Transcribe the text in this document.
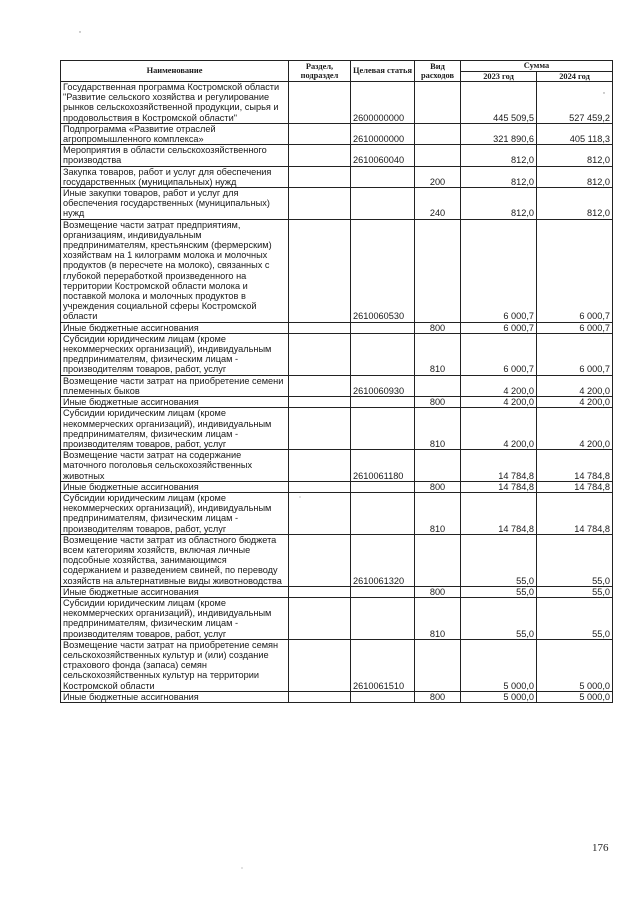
Наименование	Раздел, подраздел	Целевая статья	Вид расходов	Сумма	
				2023 год	2024 год
Государственная программа Костромской области "Развитие сельского хозяйства и регулирование рынков сельскохозяйственной продукции, сырья и продовольствия в Костромской области"		2600000000		445 509,5	527 459,2
Подпрограмма «Развитие отраслей агропромышленного комплекса»		2610000000		321 890,6	405 118,3
Мероприятия в области сельскохозяйственного производства		2610060040		812,0	812,0
Закупка товаров, работ и услуг для обеспечения государственных (муниципальных) нужд			200	812,0	812,0
Иные закупки товаров, работ и услуг для обеспечения государственных (муниципальных) нужд			240	812,0	812,0
Возмещение части затрат предприятиям, организациям, индивидуальным предпринимателям, крестьянским (фермерским) хозяйствам на 1 килограмм молока и молочных продуктов (в пересчете на молоко), связанных с глубокой переработкой произведенного на территории Костромской области молока и поставкой молока и молочных продуктов в учреждения социальной сферы Костромской области		2610060530		6 000,7	6 000,7
Иные бюджетные ассигнования			800	6 000,7	6 000,7
Субсидии юридическим лицам (кроме некоммерческих организаций), индивидуальным предпринимателям, физическим лицам - производителям товаров, работ, услуг			810	6 000,7	6 000,7
Возмещение части затрат на приобретение семени племенных быков		2610060930		4 200,0	4 200,0
Иные бюджетные ассигнования			800	4 200,0	4 200,0
Субсидии юридическим лицам (кроме некоммерческих организаций), индивидуальным предпринимателям, физическим лицам - производителям товаров, работ, услуг			810	4 200,0	4 200,0
Возмещение части затрат на содержание маточного поголовья сельскохозяйственных животных		2610061180		14 784,8	14 784,8
Иные бюджетные ассигнования			800	14 784,8	14 784,8
Субсидии юридическим лицам (кроме некоммерческих организаций), индивидуальным предпринимателям, физическим лицам - производителям товаров, работ, услуг			810	14 784,8	14 784,8
Возмещение части затрат из областного бюджета всем категориям хозяйств, включая личные подсобные хозяйства, занимающимся содержанием и разведением свиней, по переводу хозяйств на альтернативные виды животноводства		2610061320		55,0	55,0
Иные бюджетные ассигнования			800	55,0	55,0
Субсидии юридическим лицам (кроме некоммерческих организаций), индивидуальным предпринимателям, физическим лицам - производителям товаров, работ, услуг			810	55,0	55,0
Возмещение части затрат на приобретение семян сельскохозяйственных культур и (или) создание страхового фонда (запаса) семян сельскохозяйственных культур на территории Костромской области		2610061510		5 000,0	5 000,0
Иные бюджетные ассигнования			800	5 000,0	5 000,0
176
